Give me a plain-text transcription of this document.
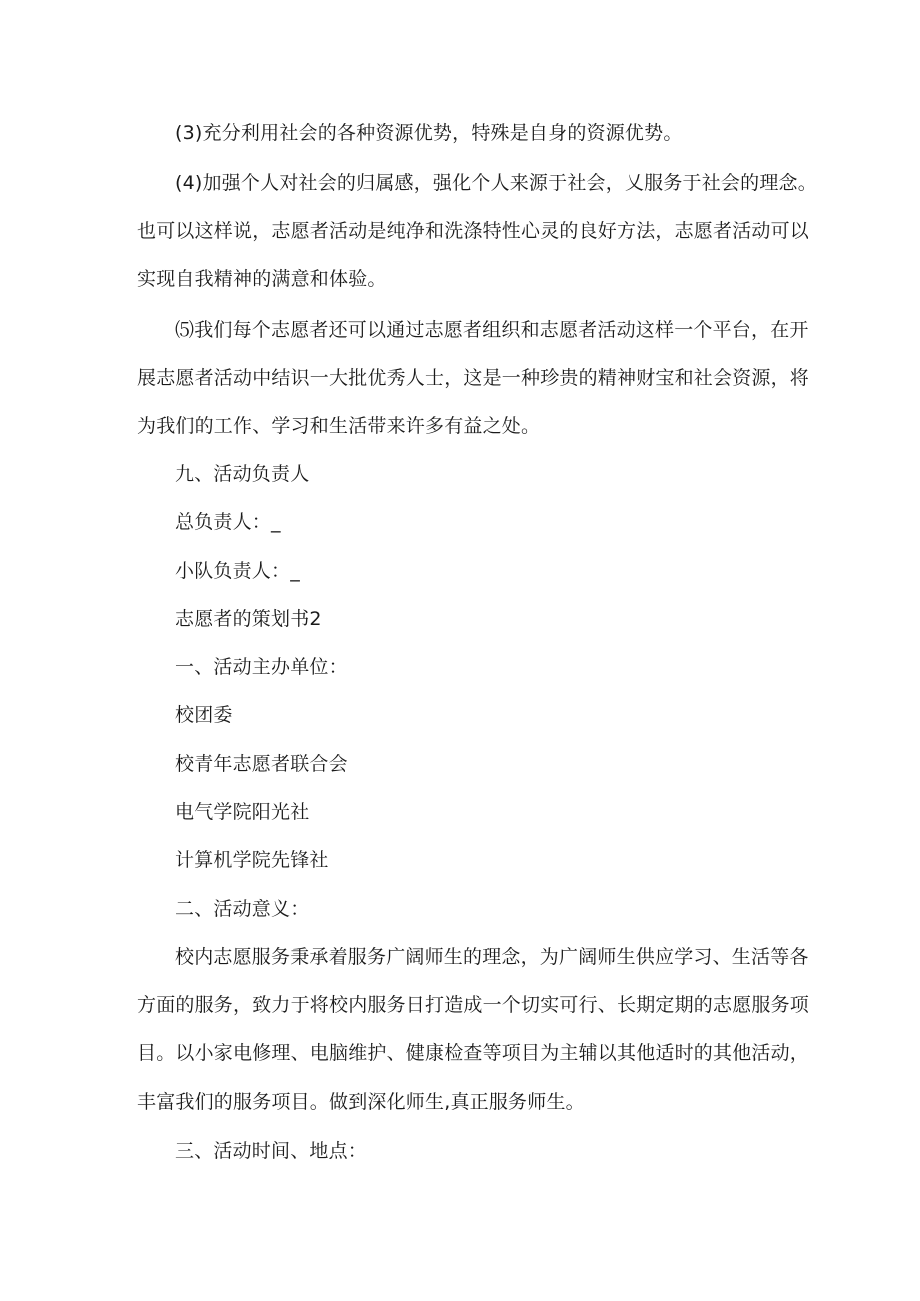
(3)充分利用社会的各种资源优势，特殊是自身的资源优势。
(4)加强个人对社会的归属感，强化个人来源于社会，乂服务于社会的理念。
也可以这样说，志愿者活动是纯净和洗涤特性心灵的良好方法，志愿者活动可以
实现自我精神的满意和体验。
⑸我们每个志愿者还可以通过志愿者组织和志愿者活动这样一个平台，在开
展志愿者活动中结识一大批优秀人士，这是一种珍贵的精神财宝和社会资源，将
为我们的工作、学习和生活带来许多有益之处。
九、活动负责人
总负责人：_
小队负责人：_
志愿者的策划书2
一、活动主办单位：
校团委
校青年志愿者联合会
电气学院阳光社
计算机学院先锋社
二、活动意义：
校内志愿服务秉承着服务广阔师生的理念，为广阔师生供应学习、生活等各
方面的服务，致力于将校内服务日打造成一个切实可行、长期定期的志愿服务项
目。以小家电修理、电脑维护、健康检查等项目为主辅以其他适时的其他活动，
丰富我们的服务项目。做到深化师生,真正服务师生。
三、活动时间、地点：
